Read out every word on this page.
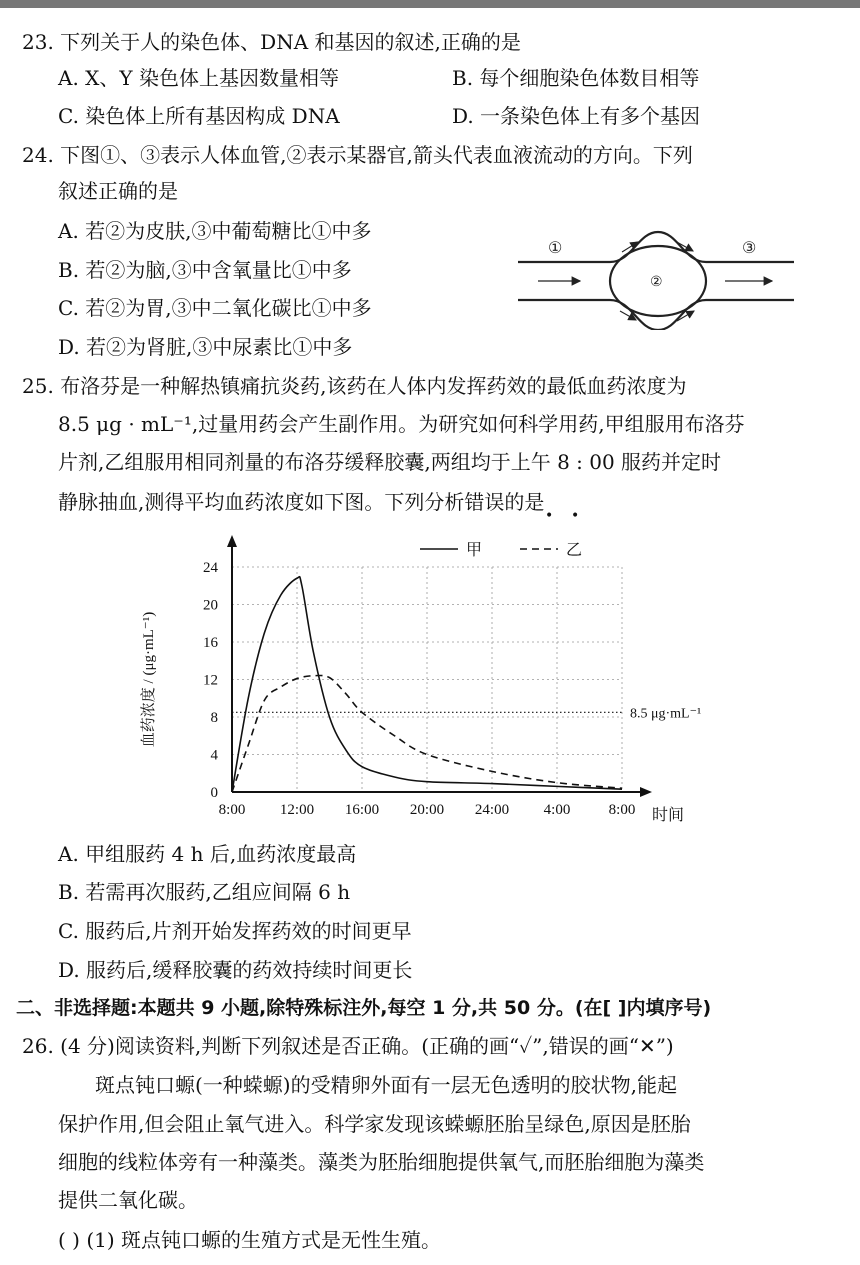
23. 下列关于人的染色体、DNA 和基因的叙述,正确的是
A. X、Y 染色体上基因数量相等	B. 每个细胞染色体数目相等
C. 染色体上所有基因构成 DNA	D. 一条染色体上有多个基因
24. 下图①、③表示人体血管,②表示某器官,箭头代表血液流动的方向。下列
叙述正确的是
A. 若②为皮肤,③中葡萄糖比①中多
B. 若②为脑,③中含氧量比①中多
C. 若②为胃,③中二氧化碳比①中多
D. 若②为肾脏,③中尿素比①中多
①
②
③
25. 布洛芬是一种解热镇痛抗炎药,该药在人体内发挥药效的最低血药浓度为
8.5 μg · mL⁻¹,过量用药会产生副作用。为研究如何科学用药,甲组服用布洛芬
片剂,乙组服用相同剂量的布洛芬缓释胶囊,两组均于上午 8 : 00 服药并定时
静脉抽血,测得平均血药浓度如下图。下列分析错误的是
•    •
0
4
8
12
16
20
24
8:00 12:00 16:00 20:00 24:00 4:00	8:00
8.5 μg·mL⁻¹
血药浓度 / (μg·mL⁻¹)
时间
甲	乙
A. 甲组服药 4 h 后,血药浓度最高
B. 若需再次服药,乙组应间隔 6 h
C. 服药后,片剂开始发挥药效的时间更早
D. 服药后,缓释胶囊的药效持续时间更长
二、非选择题:本题共 9 小题,除特殊标注外,每空 1 分,共 50 分。(在[ ]内填序号)
26. (4 分)阅读资料,判断下列叙述是否正确。(正确的画“✓”,错误的画“✕”)
斑点钝口螈(一种蝾螈)的受精卵外面有一层无色透明的胶状物,能起
保护作用,但会阻止氧气进入。科学家发现该蝾螈胚胎呈绿色,原因是胚胎
细胞的线粒体旁有一种藻类。藻类为胚胎细胞提供氧气,而胚胎细胞为藻类
提供二氧化碳。
( ) (1) 斑点钝口螈的生殖方式是无性生殖。
